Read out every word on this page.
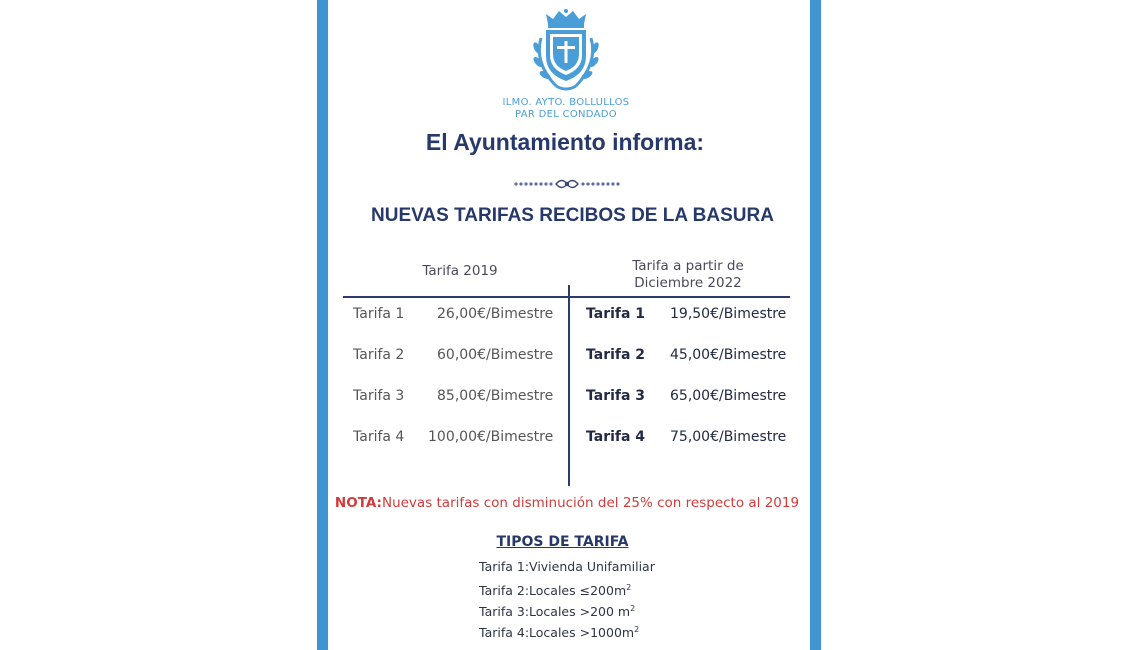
ILMO. AYTO. BOLLULLOS
PAR DEL CONDADO
El Ayuntamiento informa:
NUEVAS TARIFAS RECIBOS DE LA BASURA
Tarifa 2019	Tarifa a partir de
Diciembre 2022
Tarifa 1 26,00€/Bimestre Tarifa 1 19,50€/Bimestre
Tarifa 2 60,00€/Bimestre Tarifa 2 45,00€/Bimestre
Tarifa 3 85,00€/Bimestre Tarifa 3 65,00€/Bimestre
Tarifa 4 100,00€/Bimestre Tarifa 4 75,00€/Bimestre
NOTA:Nuevas tarifas con disminución del 25% con respecto al 2019
TIPOS DE TARIFA
Tarifa 1:Vivienda Unifamiliar
Tarifa 2:Locales $\le 200m^2$
Tarifa 3:Locales >200 $m^2$
Tarifa 4:Locales $>1000m^2$
